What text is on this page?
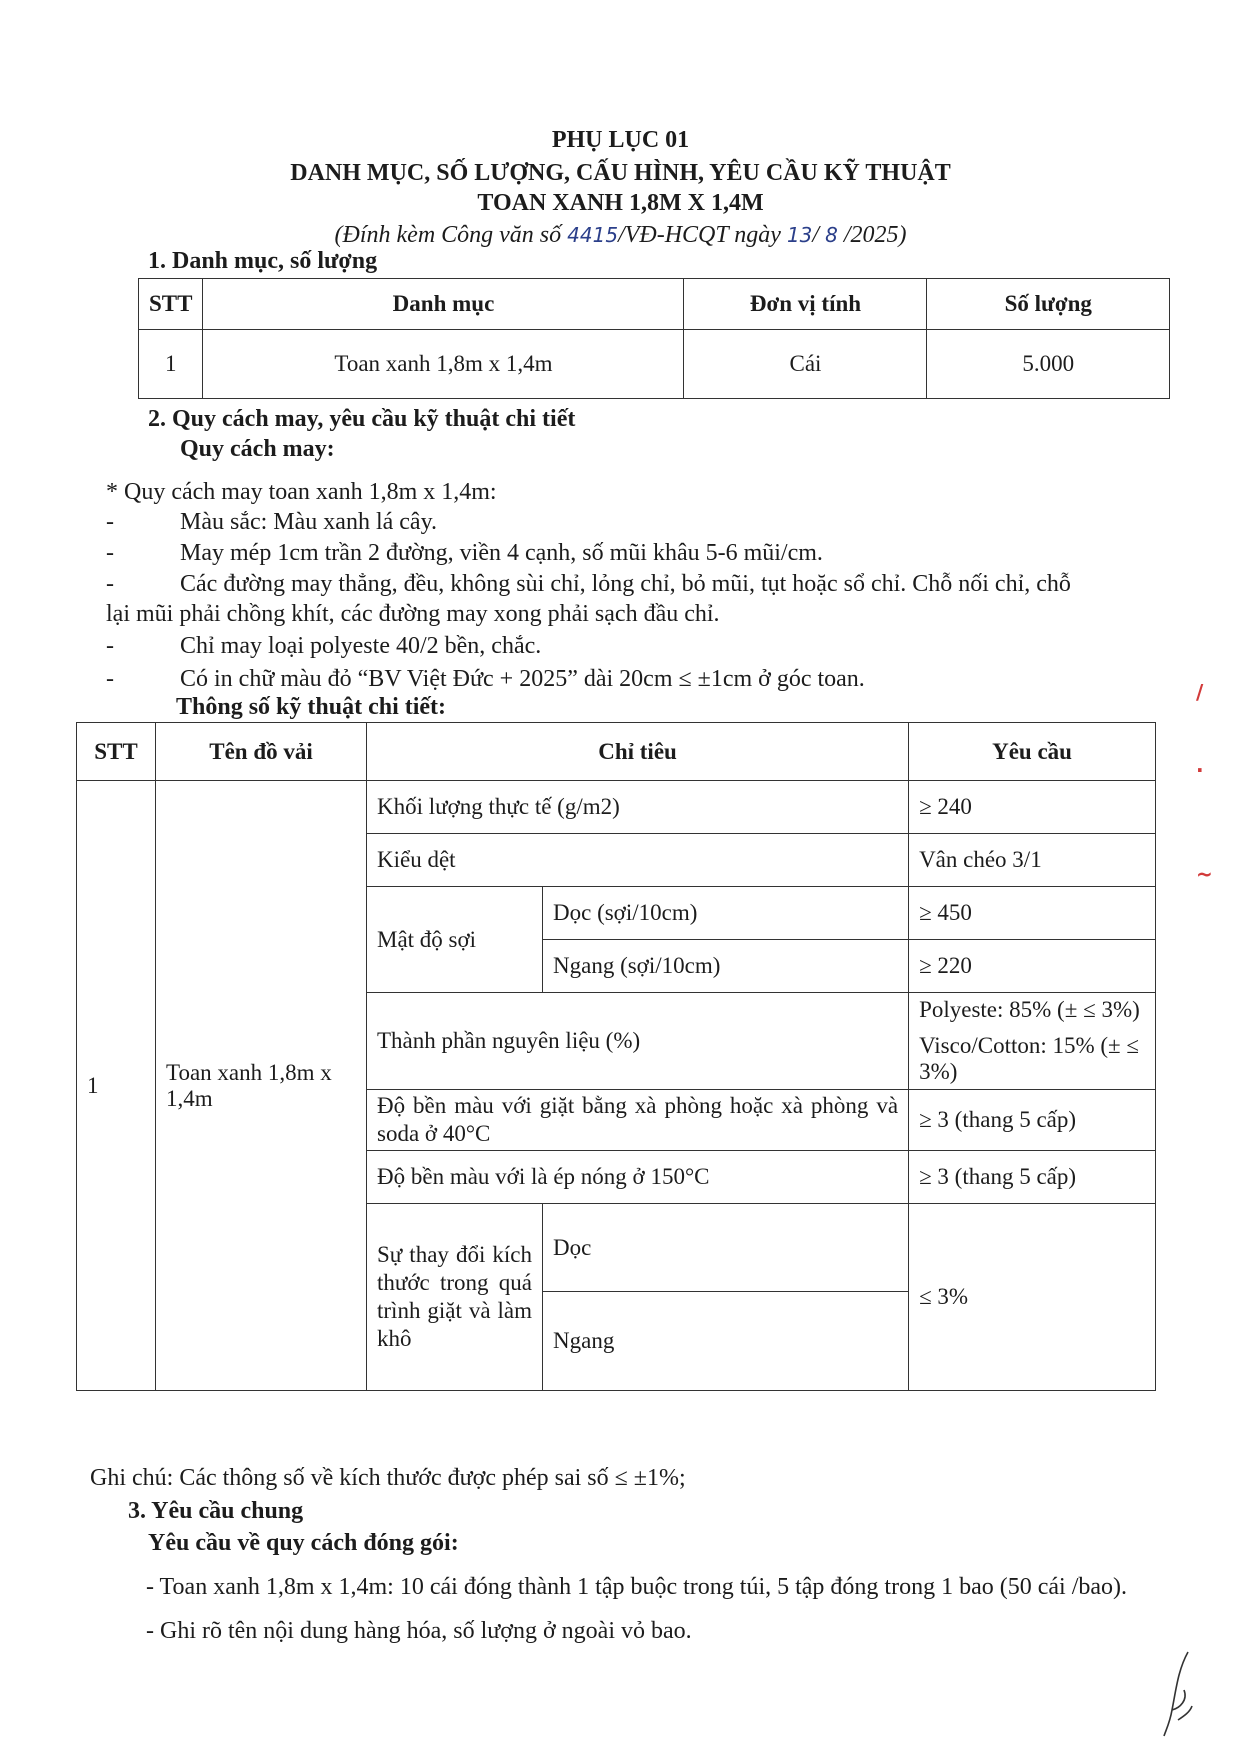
PHỤ LỤC 01
DANH MỤC, SỐ LƯỢNG, CẤU HÌNH, YÊU CẦU KỸ THUẬT
TOAN XANH 1,8M X 1,4M
(Đính kèm Công văn số 4415/VĐ-HCQT ngày 13/ 8 /2025)
1. Danh mục, số lượng
STT	Danh mục	Đơn vị tính	Số lượng
1	Toan xanh 1,8m x 1,4m	Cái	5.000
2. Quy cách may, yêu cầu kỹ thuật chi tiết
Quy cách may:
* Quy cách may toan xanh 1,8m x 1,4m:
-	Màu sắc: Màu xanh lá cây.
-	May mép 1cm trần 2 đường, viền 4 cạnh, số mũi khâu 5-6 mũi/cm.
-	Các đường may thẳng, đều, không sùi chỉ, lỏng chỉ, bỏ mũi, tụt hoặc sổ chỉ. Chỗ nối chỉ, chỗ
lại mũi phải chồng khít, các đường may xong phải sạch đầu chỉ.
-	Chỉ may loại polyeste 40/2 bền, chắc.
-	Có in chữ màu đỏ “BV Việt Đức + 2025” dài 20cm ≤ ±1cm ở góc toan.
Thông số kỹ thuật chi tiết:
STT	Tên đồ vải	Chỉ tiêu		Yêu cầu
1	Toan xanh 1,8m x 1,4m	Khối lượng thực tế (g/m2)		≥ 240
		Kiểu dệt		Vân chéo 3/1
		Mật độ sợi	Dọc (sợi/10cm)	≥ 450
			Ngang (sợi/10cm)	≥ 220
		Thành phần nguyên liệu (%)		Polyeste: 85% (± ≤ 3%)
Visco/Cotton: 15% (± ≤ 3%)

		Độ bền màu với giặt bằng xà phòng hoặc xà phòng và soda ở 40°C		≥ 3 (thang 5 cấp)
		Độ bền màu với là ép nóng ở 150°C		≥ 3 (thang 5 cấp)
		Sự thay đổi kích thước trong quá trình giặt và làm khô	Dọc	≤ 3%
			Ngang	
Ghi chú: Các thông số về kích thước được phép sai số ≤ ±1%;
3. Yêu cầu chung
Yêu cầu về quy cách đóng gói:
- Toan xanh 1,8m x 1,4m: 10 cái đóng thành 1 tập buộc trong túi, 5 tập đóng trong 1 bao (50 cái /bao).
- Ghi rõ tên nội dung hàng hóa, số lượng ở ngoài vỏ bao.
/
·
~
